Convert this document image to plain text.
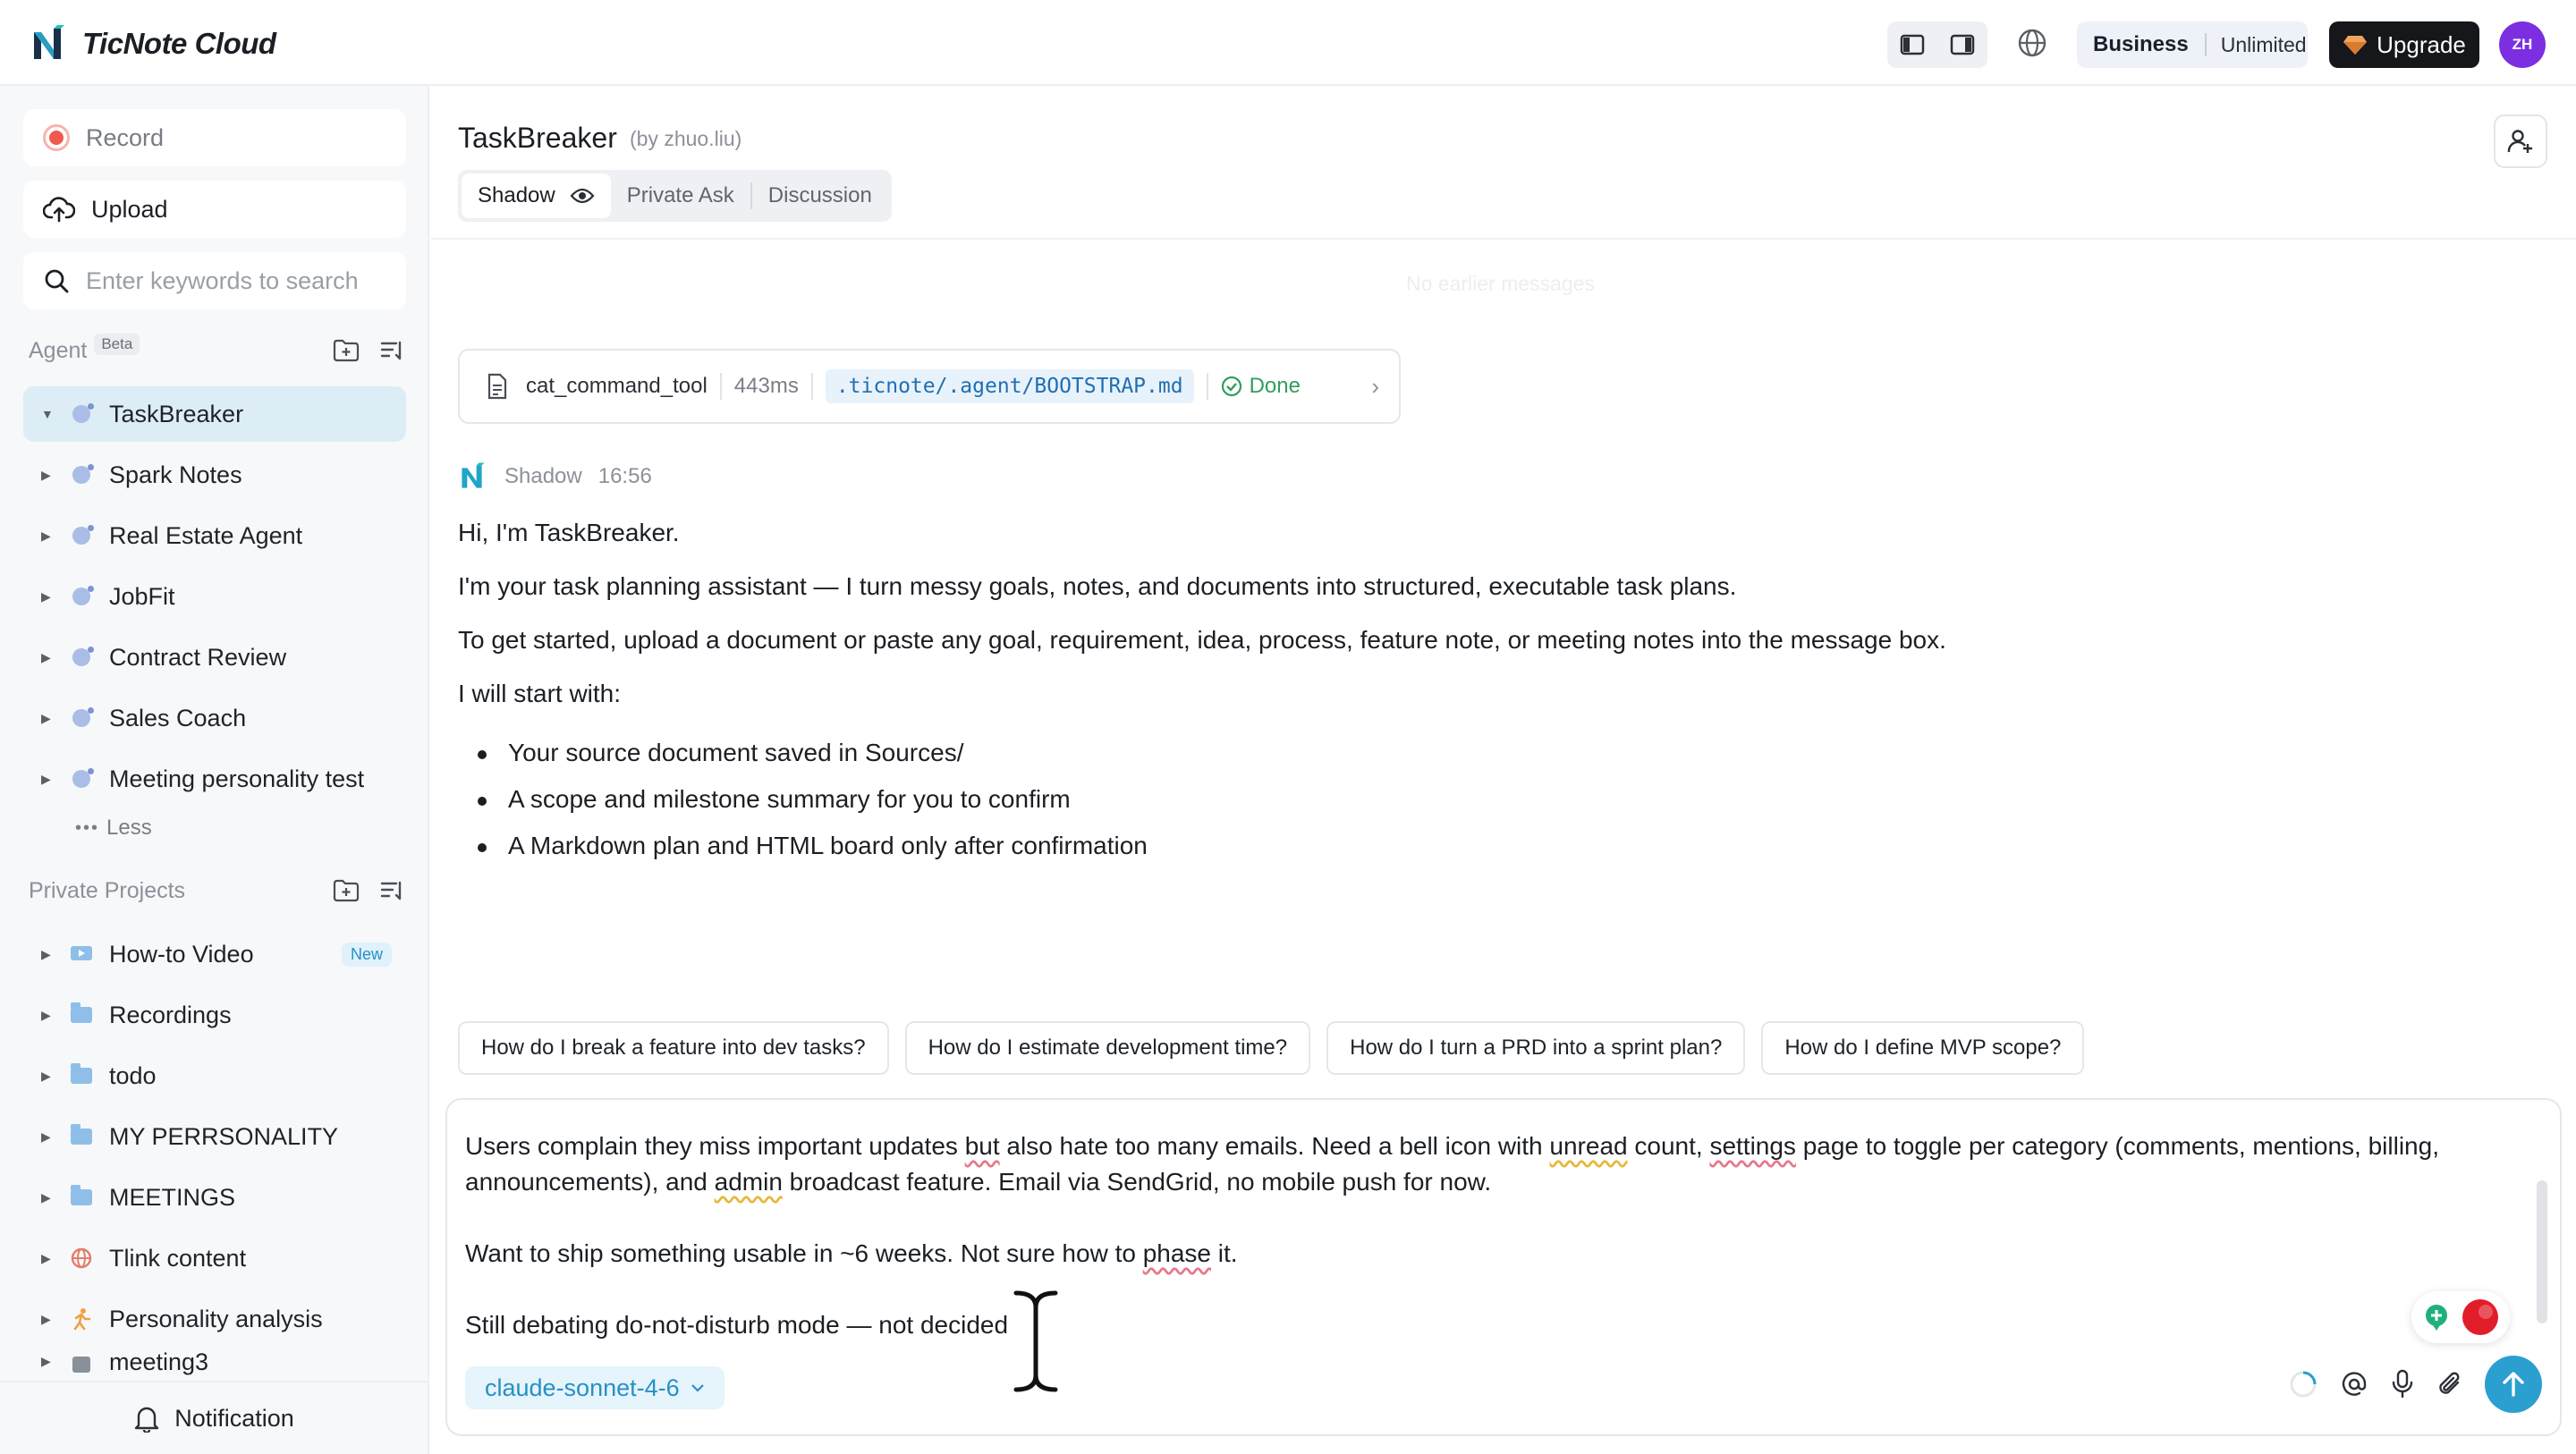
TicNote Cloud	Business	Unlimited	Upgrade	ZH
Record
Upload
Enter keywords to search
Agent Beta
▼	TaskBreaker
▶	Spark Notes
▶	Real Estate Agent
▶	JobFit
▶	Contract Review
▶	Sales Coach
▶	Meeting personality test
••• Less
Private Projects
▶	How-to Video	New
▶	Recordings
▶	todo
▶	MY PERRSONALITY
▶	MEETINGS
▶	Tlink content
▶	Personality analysis
▶	meeting3
Notification
TaskBreaker (by zhuo.liu)
Shadow	Private Ask Discussion
No earlier messages
cat_command_tool 443ms	.ticnote/.agent/BOOTSTRAP.md	Done	›
Shadow 16:56

Hi, I'm TaskBreaker.

I'm your task planning assistant — I turn messy goals, notes, and documents into structured, executable task plans.

To get started, upload a document or paste any goal, requirement, idea, process, feature note, or meeting notes into the message box.

I will start with:

Your source document saved in Sources/
A scope and milestone summary for you to confirm
A Markdown plan and HTML board only after confirmation
How do I break a feature into dev tasks?	How do I estimate development time?	How do I turn a PRD into a sprint plan?	How do I define MVP scope?
Users complain they miss important updates but also hate too many emails. Need a bell icon with unread count, settings page to toggle per category (comments, mentions, billing, announcements), and admin broadcast feature. Email via SendGrid, no mobile push for now.
Want to ship something usable in ~6 weeks. Not sure how to phase it.
Still debating do-not-disturb mode — not decided
claude-sonnet-4-6
